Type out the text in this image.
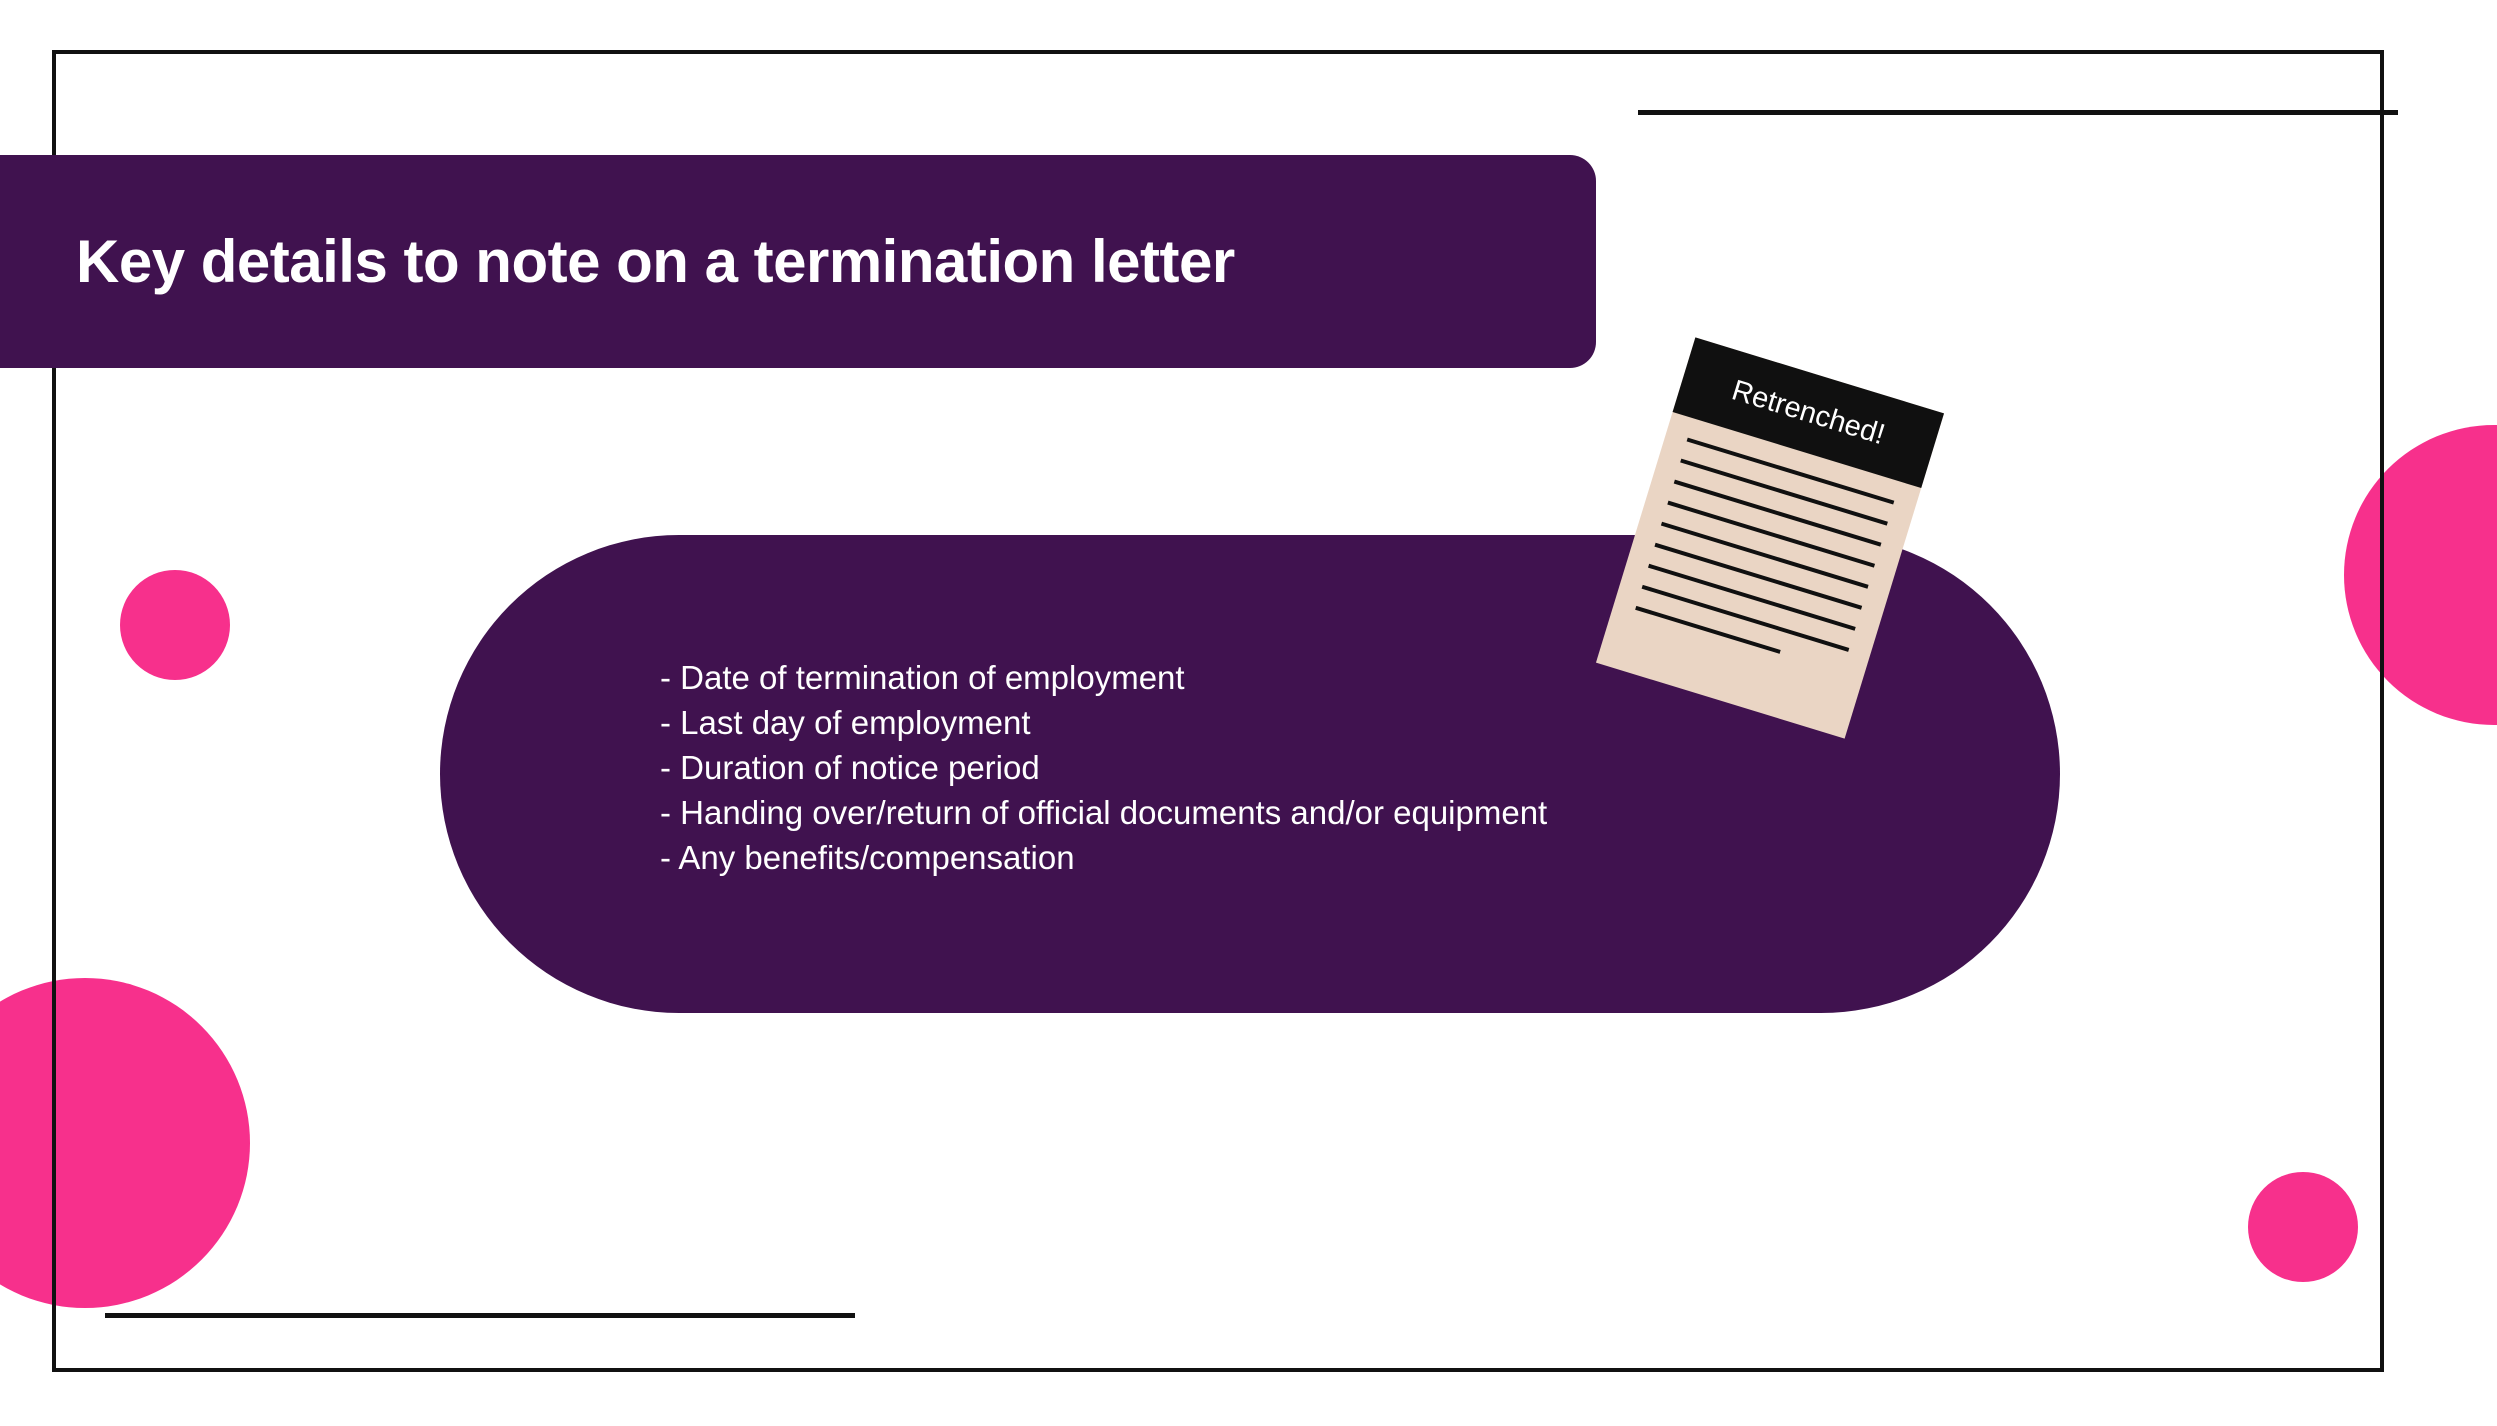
Key details to note on a termination letter
- Date of termination of employment
- Last day of employment
- Duration of notice period
- Handing over/return of official documents and/or equipment
- Any benefits/compensation
Retrenched!
